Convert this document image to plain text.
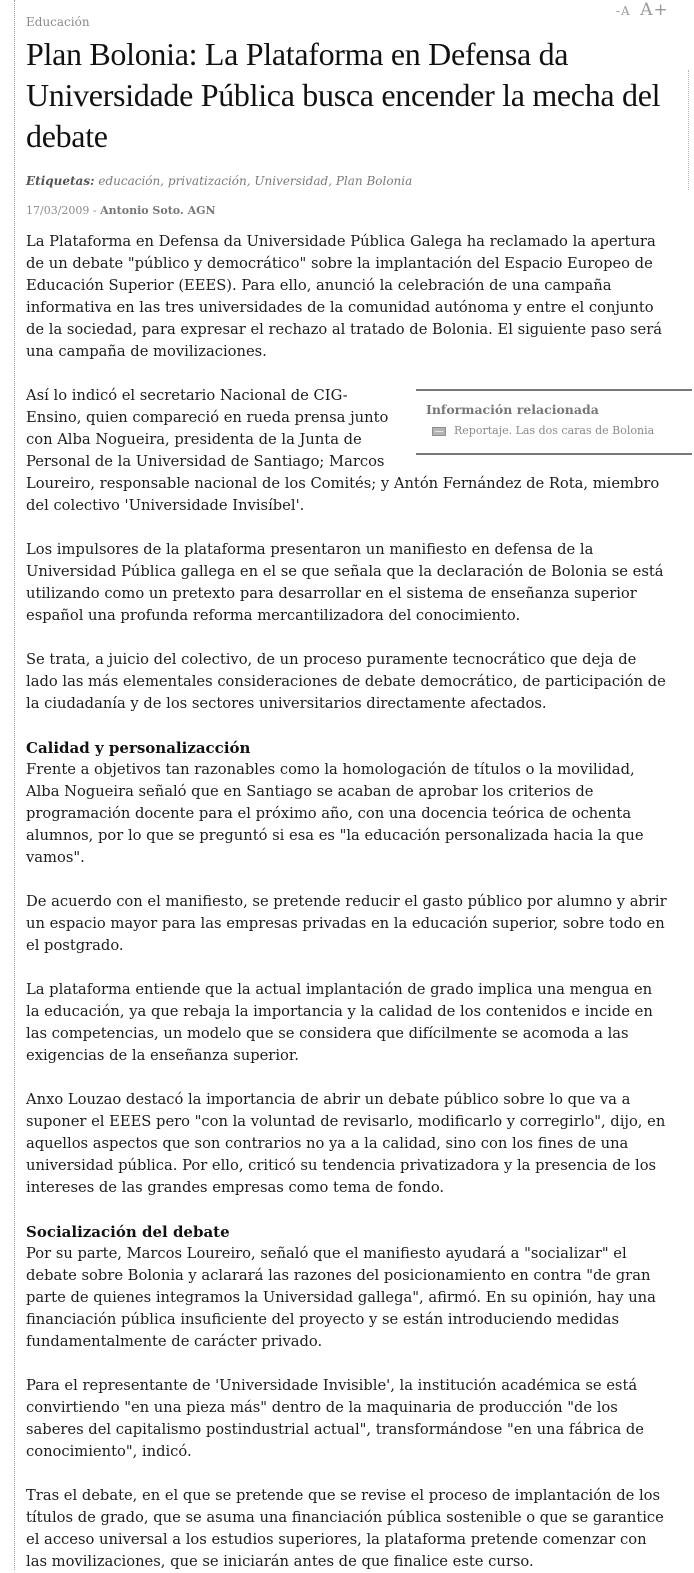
-A A+
Educación
Plan Bolonia: La Plataforma en Defensa da Universidade Pública busca encender la mecha del debate
Etiquetas: educación, privatización, Universidad, Plan Bolonia
17/03/2009 - Antonio Soto. AGN

La Plataforma en Defensa da Universidade Pública Galega ha reclamado la apertura de un debate "público y democrático" sobre la implantación del Espacio Europeo de Educación Superior (EEES). Para ello, anunció la celebración de una campaña informativa en las tres universidades de la comunidad autónoma y entre el conjunto de la sociedad, para expresar el rechazo al tratado de Bolonia. El siguiente paso será una campaña de movilizaciones.

Información relacionada
Reportaje. Las dos caras de Bolonia

Así lo indicó el secretario Nacional de CIG-Ensino, quien compareció en rueda prensa junto con Alba Nogueira, presidenta de la Junta de Personal de la Universidad de Santiago; Marcos Loureiro, responsable nacional de los Comités; y Antón Fernández de Rota, miembro del colectivo 'Universidade Invisíbel'.

Los impulsores de la plataforma presentaron un manifiesto en defensa de la Universidad Pública gallega en el se que señala que la declaración de Bolonia se está utilizando como un pretexto para desarrollar en el sistema de enseñanza superior español una profunda reforma mercantilizadora del conocimiento.

Se trata, a juicio del colectivo, de un proceso puramente tecnocrático que deja de lado las más elementales consideraciones de debate democrático, de participación de la ciudadanía y de los sectores universitarios directamente afectados.

Calidad y personalizacción

Frente a objetivos tan razonables como la homologación de títulos o la movilidad, Alba Nogueira señaló que en Santiago se acaban de aprobar los criterios de programación docente para el próximo año, con una docencia teórica de ochenta alumnos, por lo que se preguntó si esa es "la educación personalizada hacia la que vamos".

De acuerdo con el manifiesto, se pretende reducir el gasto público por alumno y abrir un espacio mayor para las empresas privadas en la educación superior, sobre todo en el postgrado.

La plataforma entiende que la actual implantación de grado implica una mengua en la educación, ya que rebaja la importancia y la calidad de los contenidos e incide en las competencias, un modelo que se considera que difícilmente se acomoda a las exigencias de la enseñanza superior.

Anxo Louzao destacó la importancia de abrir un debate público sobre lo que va a suponer el EEES pero "con la voluntad de revisarlo, modificarlo y corregirlo", dijo, en aquellos aspectos que son contrarios no ya a la calidad, sino con los fines de una universidad pública. Por ello, criticó su tendencia privatizadora y la presencia de los intereses de las grandes empresas como tema de fondo.

Socialización del debate

Por su parte, Marcos Loureiro, señaló que el manifiesto ayudará a "socializar" el debate sobre Bolonia y aclarará las razones del posicionamiento en contra "de gran parte de quienes integramos la Universidad gallega", afirmó. En su opinión, hay una financiación pública insuficiente del proyecto y se están introduciendo medidas fundamentalmente de carácter privado.

Para el representante de 'Universidade Invisible', la institución académica se está convirtiendo "en una pieza más" dentro de la maquinaria de producción "de los saberes del capitalismo postindustrial actual", transformándose "en una fábrica de conocimiento", indicó.

Tras el debate, en el que se pretende que se revise el proceso de implantación de los títulos de grado, que se asuma una financiación pública sostenible o que se garantice el acceso universal a los estudios superiores, la plataforma pretende comenzar con las movilizaciones, que se iniciarán antes de que finalice este curso.
